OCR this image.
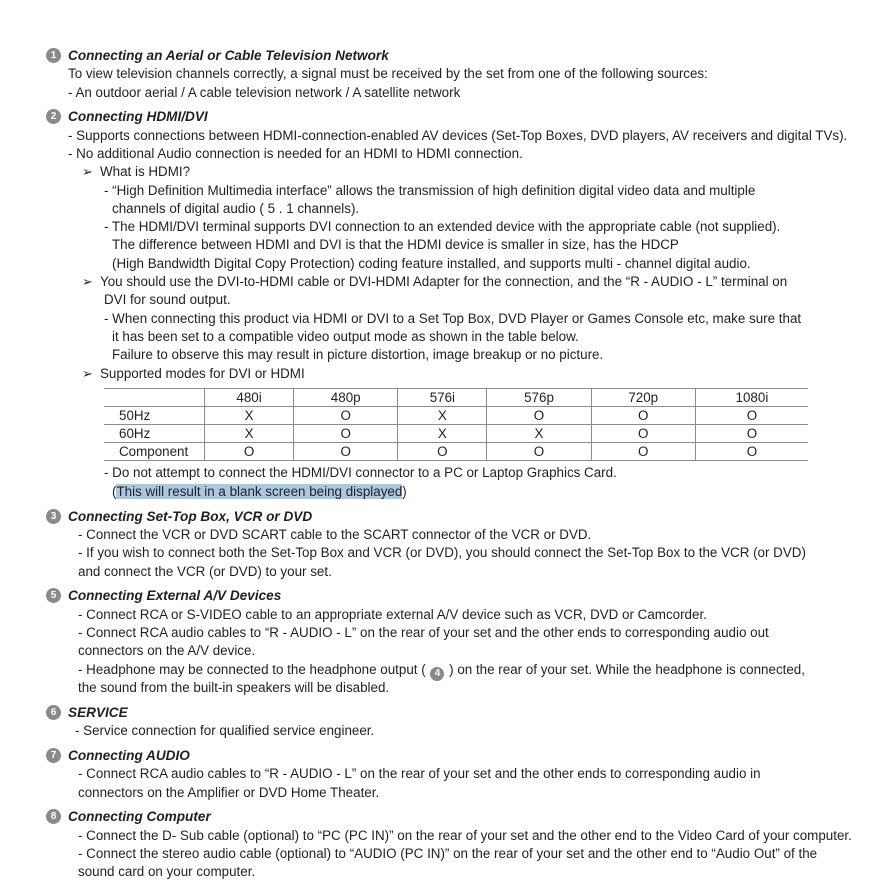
1 Connecting an Aerial or Cable Television Network
To view television channels correctly, a signal must be received by the set from one of the following sources:
- An outdoor aerial / A cable television network / A satellite network
2 Connecting HDMI/DVI
- Supports connections between HDMI-connection-enabled AV devices (Set-Top Boxes, DVD players, AV receivers and digital TVs).
- No additional Audio connection is needed for an HDMI to HDMI connection.
➢ What is HDMI?
- “High Definition Multimedia interface” allows the transmission of high definition digital video data and multiple
channels of digital audio ( 5 . 1 channels).
- The HDMI/DVI terminal supports DVI connection to an extended device with the appropriate cable (not supplied).
The difference between HDMI and DVI is that the HDMI device is smaller in size, has the HDCP
(High Bandwidth Digital Copy Protection) coding feature installed, and supports multi - channel digital audio.
➢ You should use the DVI-to-HDMI cable or DVI-HDMI Adapter for the connection, and the “R - AUDIO - L” terminal on
DVI for sound output.
- When connecting this product via HDMI or DVI to a Set Top Box, DVD Player or Games Console etc, make sure that
it has been set to a compatible video output mode as shown in the table below.
Failure to observe this may result in picture distortion, image breakup or no picture.
➢ Supported modes for DVI or HDMI
	480i	480p	576i	576p	720p	1080i
50Hz	X	O	X	O	O	O
60Hz	X	O	X	X	O	O
Component	O	O	O	O	O	O
- Do not attempt to connect the HDMI/DVI connector to a PC or Laptop Graphics Card.
(This will result in a blank screen being displayed)
3 Connecting Set-Top Box, VCR or DVD
- Connect the VCR or DVD SCART cable to the SCART connector of the VCR or DVD.
- If you wish to connect both the Set-Top Box and VCR (or DVD), you should connect the Set-Top Box to the VCR (or DVD)
and connect the VCR (or DVD) to your set.
5 Connecting External A/V Devices
- Connect RCA or S-VIDEO cable to an appropriate external A/V device such as VCR, DVD or Camcorder.
- Connect RCA audio cables to “R - AUDIO - L” on the rear of your set and the other ends to corresponding audio out
connectors on the A/V device.
- Headphone may be connected to the headphone output ( 4 ) on the rear of your set. While the headphone is connected,
the sound from the built-in speakers will be disabled.
6 SERVICE
- Service connection for qualified service engineer.
7 Connecting AUDIO
- Connect RCA audio cables to “R - AUDIO - L” on the rear of your set and the other ends to corresponding audio in
connectors on the Amplifier or DVD Home Theater.
8 Connecting Computer
- Connect the D- Sub cable (optional) to “PC (PC IN)” on the rear of your set and the other end to the Video Card of your computer.
- Connect the stereo audio cable (optional) to “AUDIO (PC IN)” on the rear of your set and the other end to “Audio Out” of the
sound card on your computer.
